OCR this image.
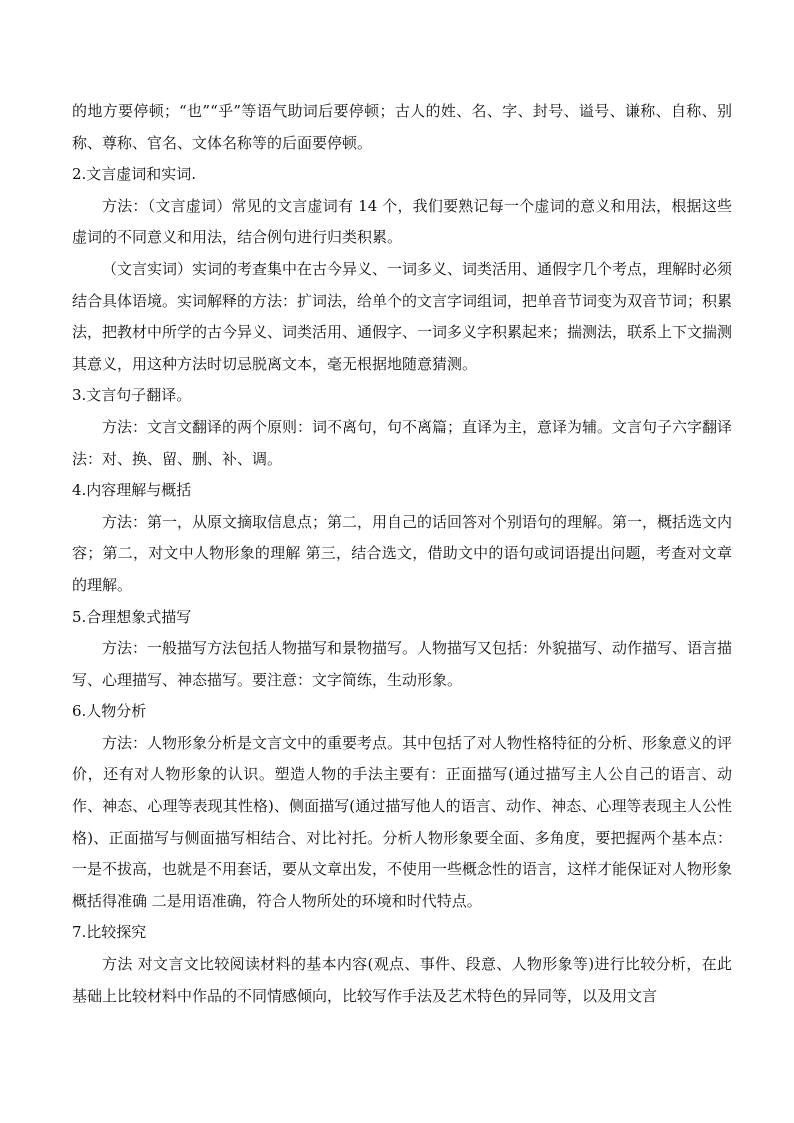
的地方要停顿；“也”“乎”等语气助词后要停顿；古人的姓、名、字、封号、谥号、谦称、自称、别称、尊称、官名、文体名称等的后面要停顿。

2.文言虚词和实词.

方法：（文言虚词）常见的文言虚词有 14 个，我们要熟记每一个虚词的意义和用法，根据这些虚词的不同意义和用法，结合例句进行归类积累。

（文言实词）实词的考查集中在古今异义、一词多义、词类活用、通假字几个考点，理解时必须结合具体语境。实词解释的方法：扩词法，给单个的文言字词组词，把单音节词变为双音节词；积累法，把教材中所学的古今异义、词类活用、通假字、一词多义字积累起来；揣测法，联系上下文揣测其意义，用这种方法时切忌脱离文本，毫无根据地随意猜测。

3.文言句子翻译。

方法：文言文翻译的两个原则：词不离句，句不离篇；直译为主，意译为辅。文言句子六字翻译法：对、换、留、删、补、调。

4.内容理解与概括

方法：第一，从原文摘取信息点；第二，用自己的话回答对个别语句的理解。第一，概括选文内容；第二，对文中人物形象的理解 第三，结合选文，借助文中的语句或词语提出问题，考查对文章的理解。

5.合理想象式描写

方法：一般描写方法包括人物描写和景物描写。人物描写又包括：外貌描写、动作描写、语言描写、心理描写、神态描写。要注意：文字简练，生动形象。

6.人物分析

方法：人物形象分析是文言文中的重要考点。其中包括了对人物性格特征的分析、形象意义的评价，还有对人物形象的认识。塑造人物的手法主要有：正面描写(通过描写主人公自己的语言、动作、神态、心理等表现其性格)、侧面描写(通过描写他人的语言、动作、神态、心理等表现主人公性格)、正面描写与侧面描写相结合、对比衬托。分析人物形象要全面、多角度，要把握两个基本点：一是不拔高，也就是不用套话，要从文章出发，不使用一些概念性的语言，这样才能保证对人物形象概括得准确 二是用语准确，符合人物所处的环境和时代特点。

7.比较探究

方法 对文言文比较阅读材料的基本内容(观点、事件、段意、人物形象等)进行比较分析，在此基础上比较材料中作品的不同情感倾向，比较写作手法及艺术特色的异同等，以及用文言
